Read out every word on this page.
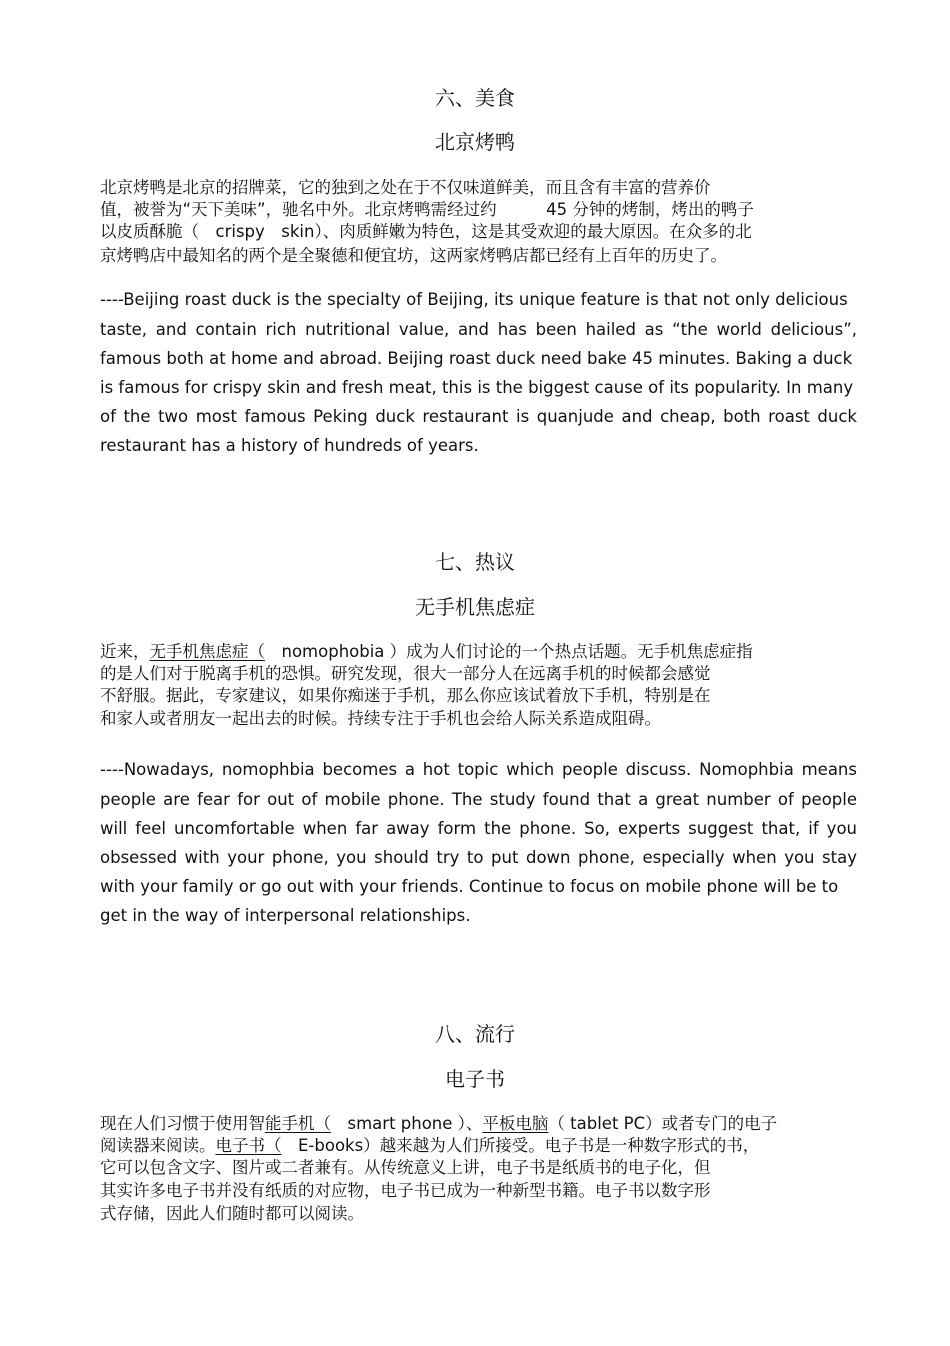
六、美食
北京烤鸭
北京烤鸭是北京的招牌菜，它的独到之处在于不仅味道鲜美，而且含有丰富的营养价
值，被誉为“天下美味”，驰名中外。北京烤鸭需经过约　　　45 分钟的烤制，烤出的鸭子
以皮质酥脆（　crispy　skin）、肉质鲜嫩为特色，这是其受欢迎的最大原因。在众多的北
京烤鸭店中最知名的两个是全聚德和便宜坊，这两家烤鸭店都已经有上百年的历史了。
----Beijing roast duck is the specialty of Beijing, its unique feature is that not only delicious
taste, and contain rich nutritional value, and has been hailed as “the world delicious”,
famous both at home and abroad. Beijing roast duck need bake 45 minutes. Baking a duck
is famous for crispy skin and fresh meat, this is the biggest cause of its popularity. In many
of the two most famous Peking duck restaurant is quanjude and cheap, both roast duck
restaurant has a history of hundreds of years.
七、热议
无手机焦虑症
近来，无手机焦虑症（　nomophobia ）成为人们讨论的一个热点话题。无手机焦虑症指
的是人们对于脱离手机的恐惧。研究发现，很大一部分人在远离手机的时候都会感觉
不舒服。据此，专家建议，如果你痴迷于手机，那么你应该试着放下手机，特别是在
和家人或者朋友一起出去的时候。持续专注于手机也会给人际关系造成阻碍。
----Nowadays, nomophbia becomes a hot topic which people discuss. Nomophbia means
people are fear for out of mobile phone. The study found that a great number of people
will feel uncomfortable when far away form the phone. So, experts suggest that, if you
obsessed with your phone, you should try to put down phone, especially when you stay
with your family or go out with your friends. Continue to focus on mobile phone will be to
get in the way of interpersonal relationships.
八、流行
电子书
现在人们习惯于使用智能手机（　smart phone ）、平板电脑（ tablet PC）或者专门的电子
阅读器来阅读。电子书（　E-books）越来越为人们所接受。电子书是一种数字形式的书，
它可以包含文字、图片或二者兼有。从传统意义上讲，电子书是纸质书的电子化，但
其实许多电子书并没有纸质的对应物，电子书已成为一种新型书籍。电子书以数字形
式存储，因此人们随时都可以阅读。
